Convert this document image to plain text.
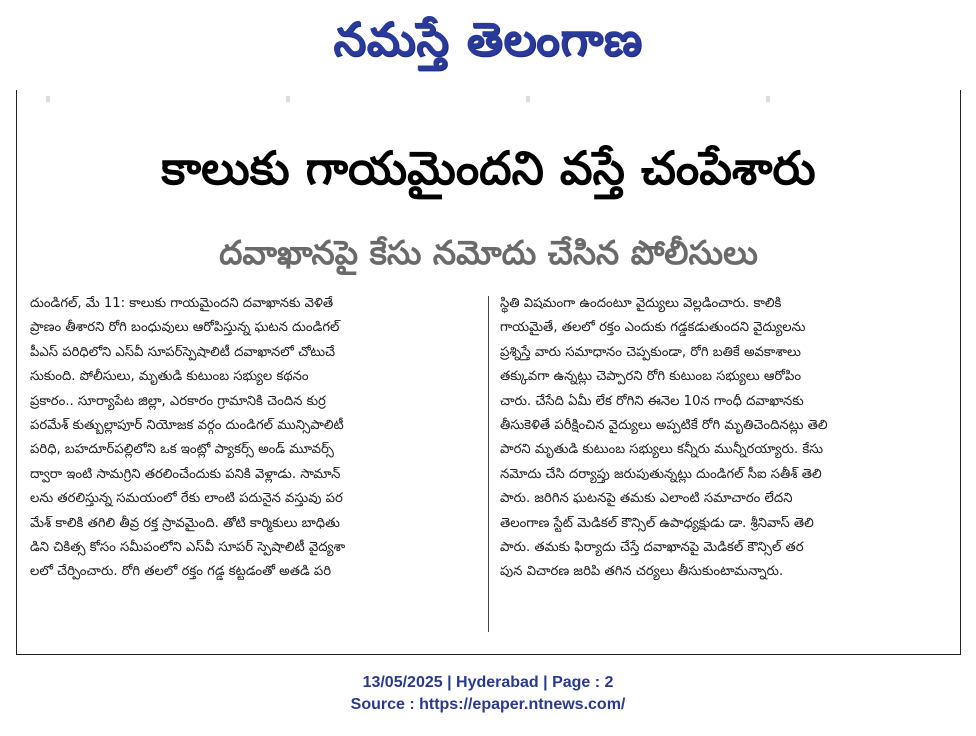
నమస్తే తెలంగాణ
కాలుకు గాయమైందని వస్తే చంపేశారు
దవాఖానపై కేసు నమోదు చేసిన పోలీసులు
దుండిగల్, మే 11: కాలుకు గాయమైందని దవాఖానకు వెళితే
ప్రాణం తీశారని రోగి బంధువులు ఆరోపిస్తున్న ఘటన దుండిగల్
పీఎస్ పరిధిలోని ఎస్‌వీ సూపర్‌స్పెషాలిటీ దవాఖానలో చోటుచే
సుకుంది. పోలీసులు, మృతుడి కుటుంబ సభ్యుల కథనం
ప్రకారం.. సూర్యాపేట జిల్లా, ఎరకారం గ్రామానికి చెందిన కుర్ర
పరమేశ్ కుత్బుల్లాపూర్ నియోజక వర్గం దుండిగల్ మున్సిపాలిటీ
పరిధి, బహదూర్‌పల్లిలోని ఒక ఇంట్లో ప్యాకర్స్ అండ్ మూవర్స్
ద్వారా ఇంటి సామగ్రిని తరలించేందుకు పనికి వెళ్లాడు. సామాన్
లను తరలిస్తున్న సమయంలో రేకు లాంటి పదునైన వస్తువు పర
మేశ్ కాలికి తగిలి తీవ్ర రక్త స్రావమైంది. తోటి కార్మికులు బాధితు
డిని చికిత్స కోసం సమీపంలోని ఎస్‌వీ సూపర్ స్పెషాలిటీ వైద్యశా
లలో చేర్పించారు. రోగి తలలో రక్తం గడ్డ కట్టడంతో అతడి పరి
స్థితి విషమంగా ఉందంటూ వైద్యులు వెల్లడించారు. కాలికి
గాయమైతే, తలలో రక్తం ఎందుకు గడ్డకడుతుందని వైద్యులను
ప్రశ్నిస్తే వారు సమాధానం చెప్పకుండా, రోగి బతికే అవకాశాలు
తక్కువగా ఉన్నట్లు చెప్పారని రోగి కుటుంబ సభ్యులు ఆరోపిం
చారు. చేసేది ఏమీ లేక రోగిని ఈనెల 10న గాంధీ దవాఖానకు
తీసుకెళితే పరీక్షించిన వైద్యులు అప్పటికే రోగి మృతిచెందినట్లు తెలి
పారని మృతుడి కుటుంబ సభ్యులు కన్నీరు మున్నీరయ్యారు. కేసు
నమోదు చేసి దర్యాప్తు జరుపుతున్నట్లు దుండిగల్ సీఐ సతీశ్ తెలి
పారు. జరిగిన ఘటనపై తమకు ఎలాంటి సమాచారం లేదని
తెలంగాణ స్టేట్ మెడికల్ కౌన్సిల్ ఉపాధ్యక్షుడు డా. శ్రీనివాస్ తెలి
పారు. తమకు ఫిర్యాదు చేస్తే దవాఖానపై మెడికల్ కౌన్సిల్ తర
పున విచారణ జరిపి తగిన చర్యలు తీసుకుంటామన్నారు.
13/05/2025 | Hyderabad | Page : 2
Source : https://epaper.ntnews.com/
